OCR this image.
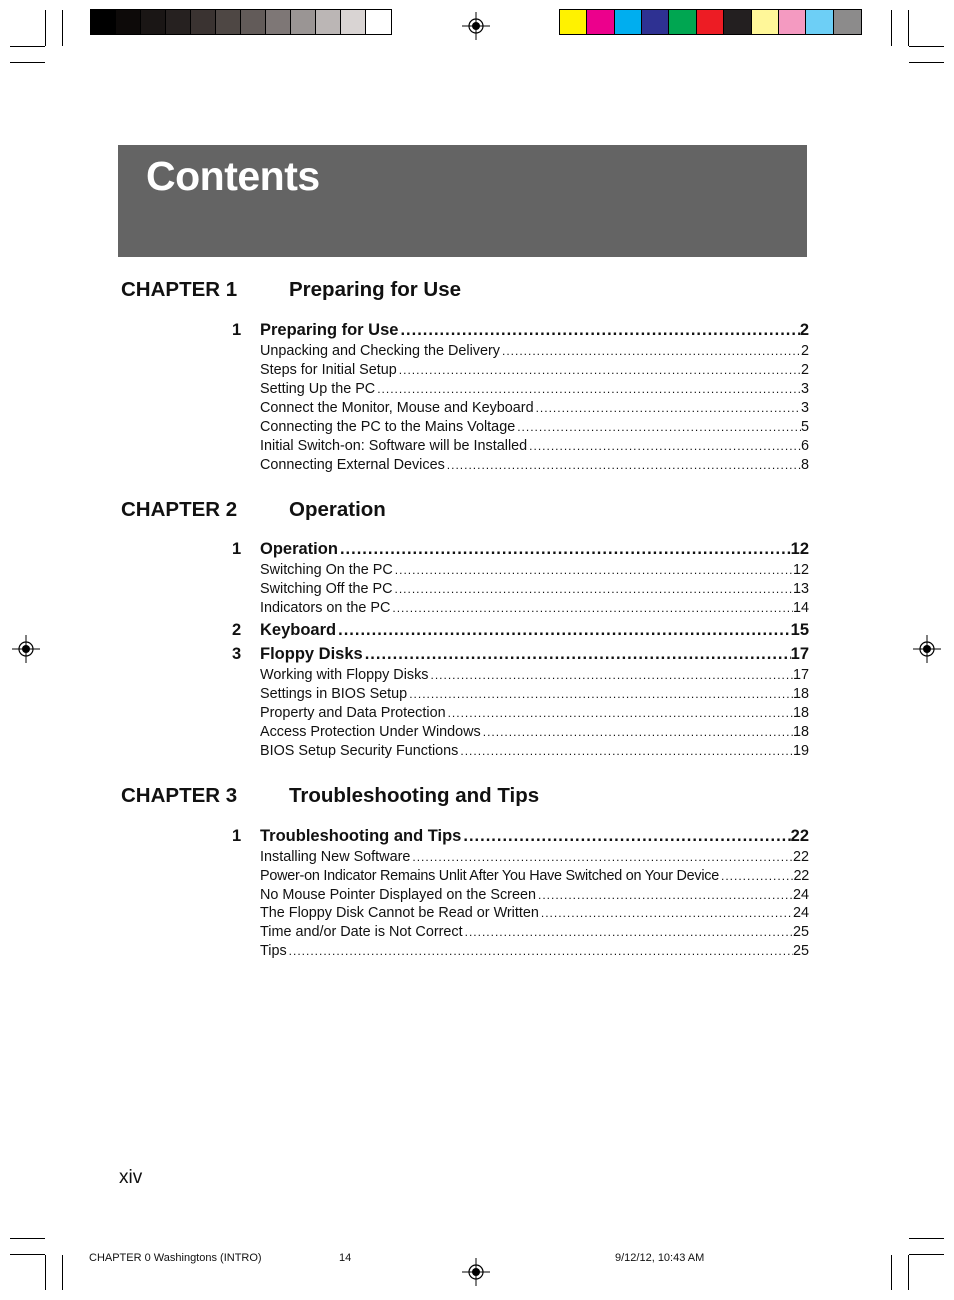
Contents
CHAPTER 1	Preparing for Use
1 Preparing for Use .....	2
Unpacking and Checking the Delivery .....	2
Steps for Initial Setup .....	2
Setting Up the PC .....	3
Connect the Monitor, Mouse and Keyboard .....	3
Connecting the PC to the Mains Voltage .....	5
Initial Switch-on: Software will be Installed .....	6
Connecting External Devices .....	8
CHAPTER 2	Operation
1 Operation .....	12
Switching On the PC .....	12
Switching Off the PC .....	13
Indicators on the PC .....	14
2 Keyboard .....	15
3 Floppy Disks .....	17
Working with Floppy Disks .....	17
Settings in BIOS Setup .....	18
Property and Data Protection .....	18
Access Protection Under Windows .....	18
BIOS Setup Security Functions .....	19
CHAPTER 3	Troubleshooting and Tips
1 Troubleshooting and Tips .....	22
Installing New Software .....	22
Power-on Indicator Remains Unlit After You Have Switched on Your Device .....	22
No Mouse Pointer Displayed on the Screen .....	24
The Floppy Disk Cannot be Read or Written .....	24
Time and/or Date is Not Correct .....	25
Tips .....	25
xiv
CHAPTER 0 Washingtons (INTRO)	14	9/12/12, 10:43 AM
